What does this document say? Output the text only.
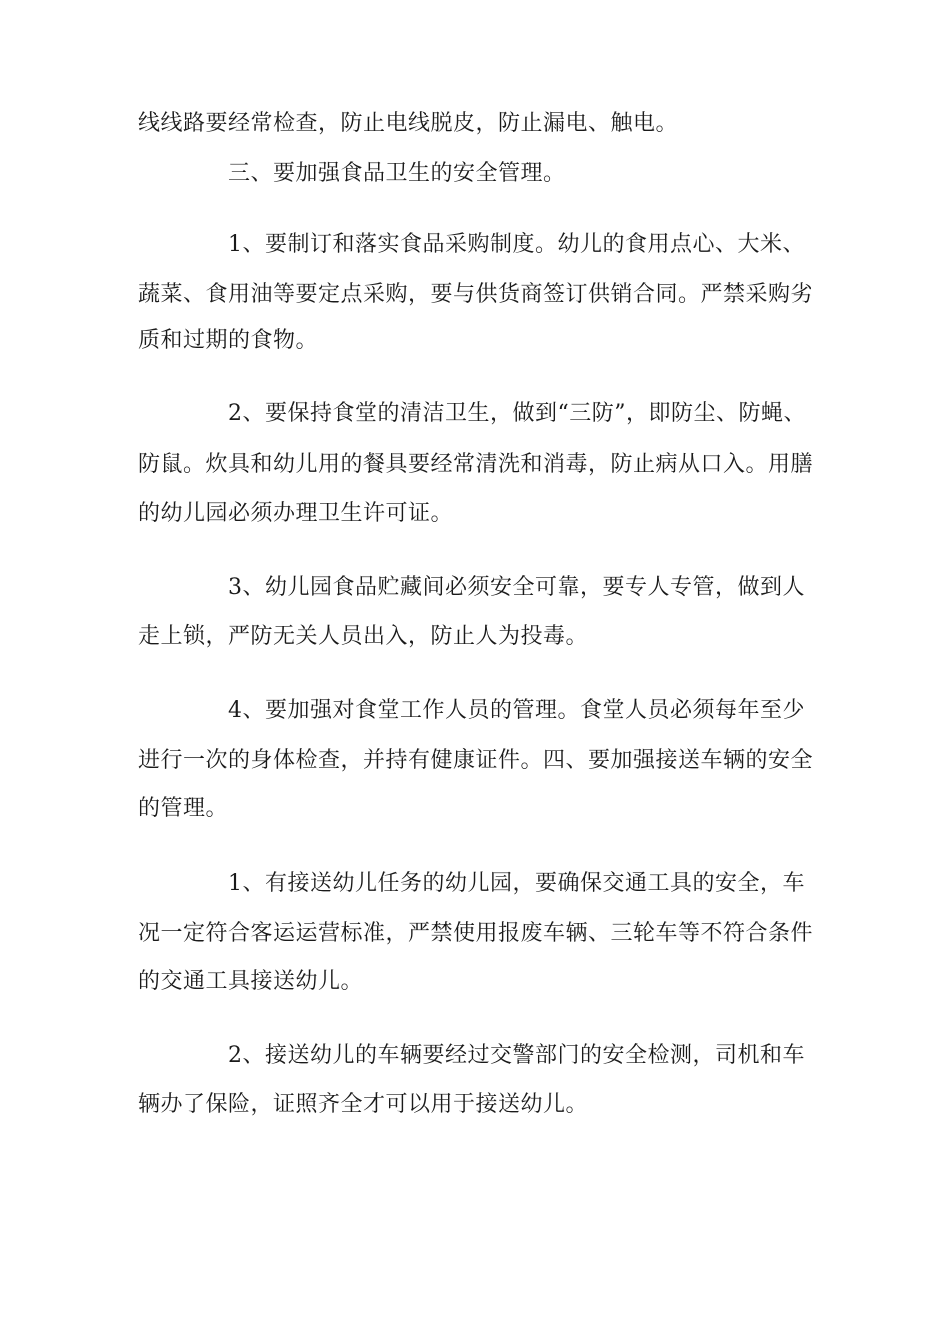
线线路要经常检查，防止电线脱皮，防止漏电、触电。
三、要加强食品卫生的安全管理。
1、要制订和落实食品采购制度。幼儿的食用点心、大米、
蔬菜、食用油等要定点采购，要与供货商签订供销合同。严禁采购劣
质和过期的食物。
2、要保持食堂的清洁卫生，做到“三防”，即防尘、防蝇、
防鼠。炊具和幼儿用的餐具要经常清洗和消毒，防止病从口入。用膳
的幼儿园必须办理卫生许可证。
3、幼儿园食品贮藏间必须安全可靠，要专人专管，做到人
走上锁，严防无关人员出入，防止人为投毒。
4、要加强对食堂工作人员的管理。食堂人员必须每年至少
进行一次的身体检查，并持有健康证件。四、要加强接送车辆的安全
的管理。
1、有接送幼儿任务的幼儿园，要确保交通工具的安全，车
况一定符合客运运营标准，严禁使用报废车辆、三轮车等不符合条件
的交通工具接送幼儿。
2、接送幼儿的车辆要经过交警部门的安全检测，司机和车
辆办了保险，证照齐全才可以用于接送幼儿。
